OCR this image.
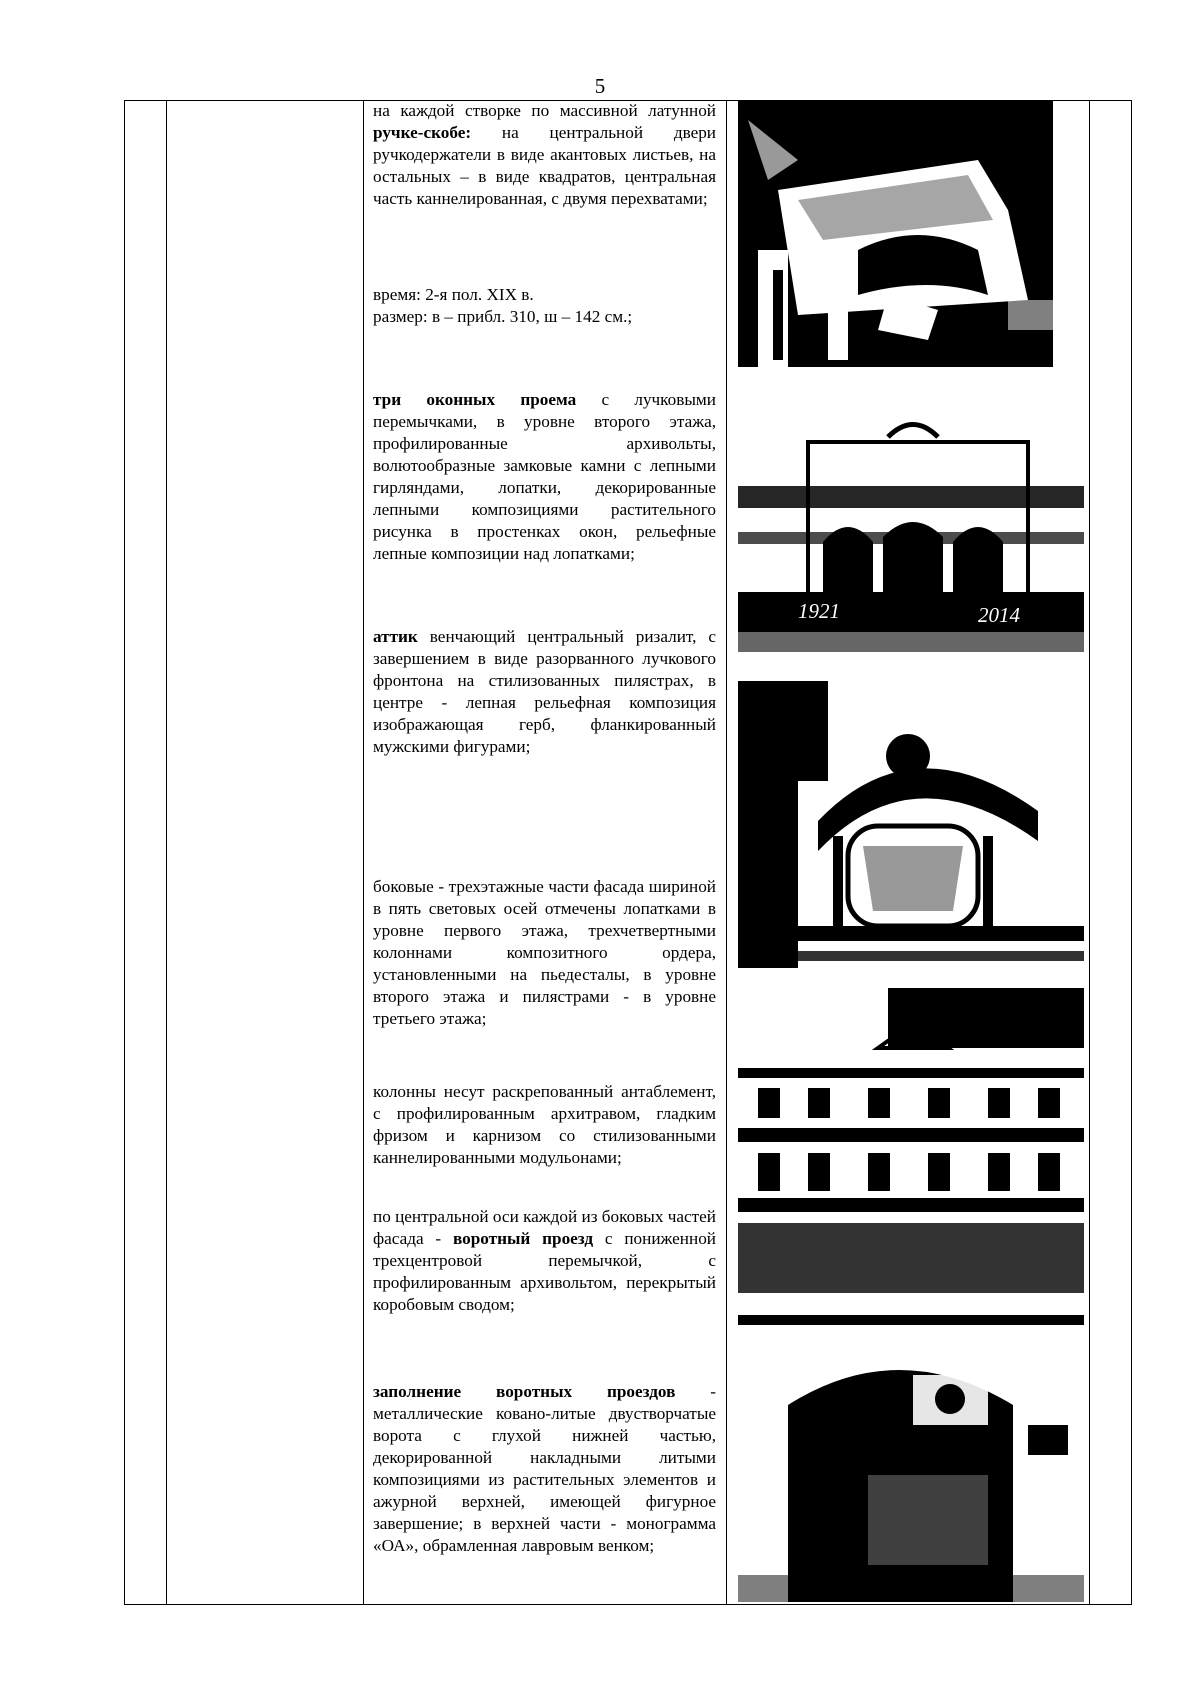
5
на каждой створке по массивной латунной ручке-скобе: на центральной двери ручкодержатели в виде акантовых листьев, на остальных – в виде квадратов, центральная часть каннелированная, с двумя перехватами;
время: 2-я пол. XIX в.
размер: в – прибл. 310, ш – 142 см.;
три оконных проема с лучковыми перемычками, в уровне второго этажа, профилированные архивольты, волютообразные замковые камни с лепными гирляндами, лопатки, декорированные лепными композициями растительного рисунка в простенках окон, рельефные лепные композиции над лопатками;
аттик венчающий центральный ризалит, с завершением в виде разорванного лучкового фронтона на стилизованных пилястрах, в центре - лепная рельефная композиция изображающая герб, фланкированный мужскими фигурами;
боковые - трехэтажные части фасада шириной в пять световых осей отмечены лопатками в уровне первого этажа, трехчетвертными колоннами композитного ордера, установленными на пьедесталы, в уровне второго этажа и пилястрами - в уровне третьего этажа;
колонны несут раскрепованный антаблемент, с профилированным архитравом, гладким фризом и карнизом со стилизованными каннелированными модульонами;
по центральной оси каждой из боковых частей фасада - воротный проезд с пониженной трехцентровой перемычкой, с профилированным архивольтом, перекрытый коробовым сводом;
заполнение воротных проездов - металлические ковано-литые двустворчатые ворота с глухой нижней частью, декорированной накладными литыми композициями из растительных элементов и ажурной верхней, имеющей фигурное завершение; в верхней части - монограмма «ОА», обрамленная лавровым венком;
1921	2014
